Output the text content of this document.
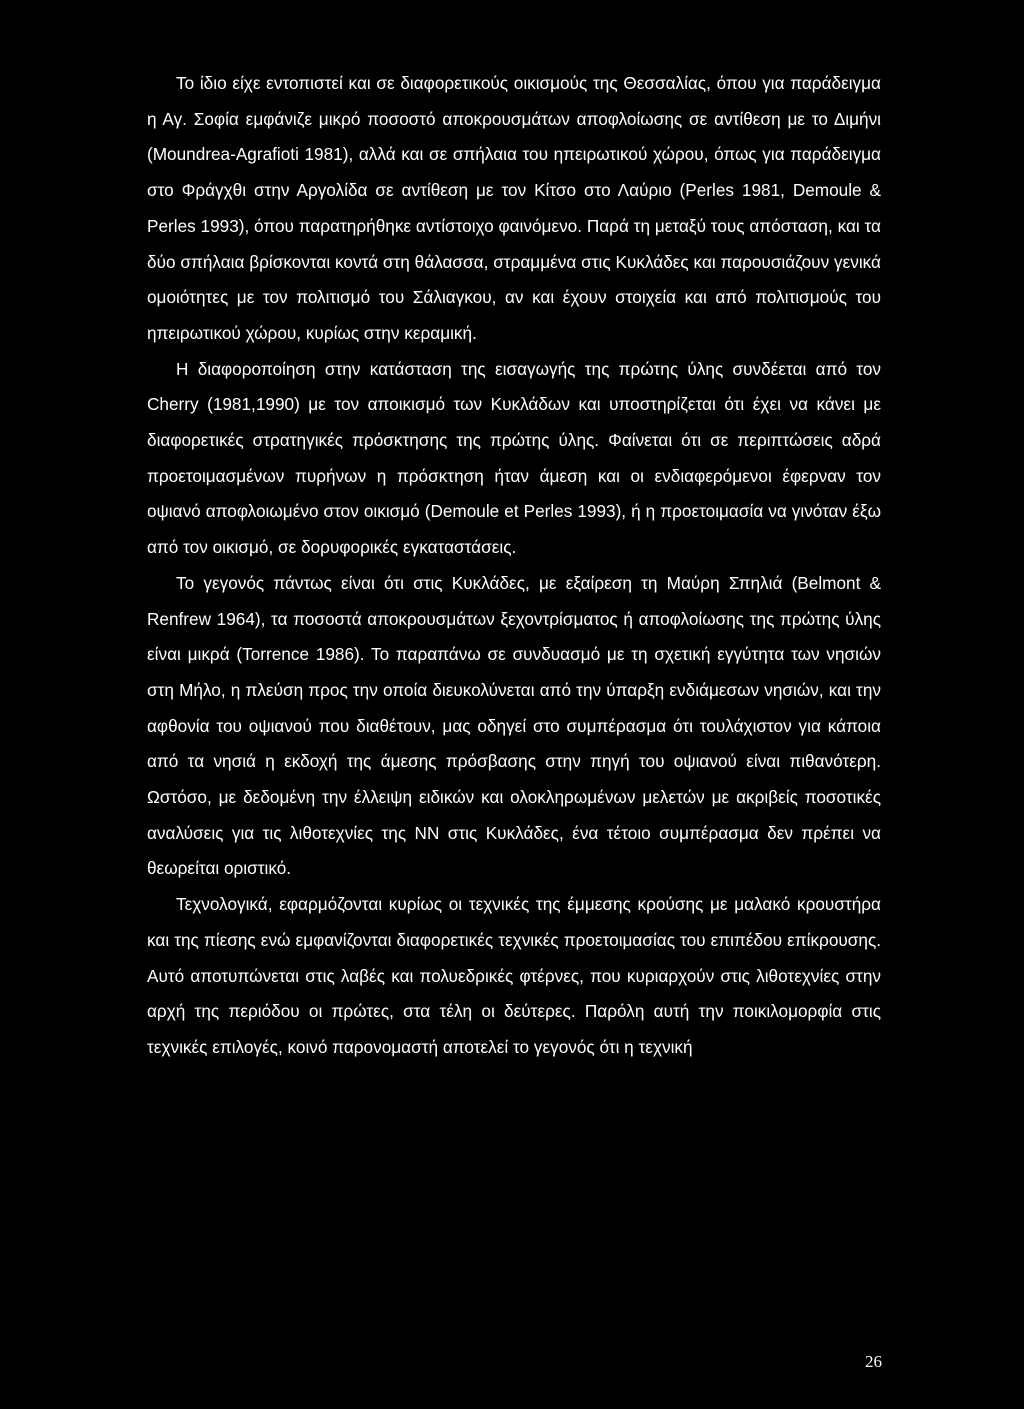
Το ίδιο είχε εντοπιστεί και σε διαφορετικούς οικισμούς της Θεσσαλίας, όπου για παράδειγμα η Αγ. Σοφία εμφάνιζε μικρό ποσοστό αποκρουσμάτων αποφλοίωσης σε αντίθεση με το Διμήνι (Moundrea-Agrafioti 1981), αλλά και σε σπήλαια του ηπειρωτικού χώρου, όπως για παράδειγμα στο Φράγχθι στην Αργολίδα σε αντίθεση με τον Κίτσο στο Λαύριο (Perles 1981, Demoule & Perles 1993), όπου παρατηρήθηκε αντίστοιχο φαινόμενο. Παρά τη μεταξύ τους απόσταση, και τα δύο σπήλαια βρίσκονται κοντά στη θάλασσα, στραμμένα στις Κυκλάδες και παρουσιάζουν γενικά ομοιότητες με τον πολιτισμό του Σάλιαγκου, αν και έχουν στοιχεία και από πολιτισμούς του ηπειρωτικού χώρου, κυρίως στην κεραμική.

Η διαφοροποίηση στην κατάσταση της εισαγωγής της πρώτης ύλης συνδέεται από τον Cherry (1981,1990) με τον αποικισμό των Κυκλάδων και υποστηρίζεται ότι έχει να κάνει με διαφορετικές στρατηγικές πρόσκτησης της πρώτης ύλης. Φαίνεται ότι σε περιπτώσεις αδρά προετοιμασμένων πυρήνων η πρόσκτηση ήταν άμεση και οι ενδιαφερόμενοι έφερναν τον οψιανό αποφλοιωμένο στον οικισμό (Demoule et Perles 1993), ή η προετοιμασία να γινόταν έξω από τον οικισμό, σε δορυφορικές εγκαταστάσεις.

Το γεγονός πάντως είναι ότι στις Κυκλάδες, με εξαίρεση τη Μαύρη Σπηλιά (Belmont & Renfrew 1964), τα ποσοστά αποκρουσμάτων ξεχοντρίσματος ή αποφλοίωσης της πρώτης ύλης είναι μικρά (Torrence 1986). Το παραπάνω σε συνδυασμό με τη σχετική εγγύτητα των νησιών στη Μήλο, η πλεύση προς την οποία διευκολύνεται από την ύπαρξη ενδιάμεσων νησιών, και την αφθονία του οψιανού που διαθέτουν, μας οδηγεί στο συμπέρασμα ότι τουλάχιστον για κάποια από τα νησιά η εκδοχή της άμεσης πρόσβασης στην πηγή του οψιανού είναι πιθανότερη. Ωστόσο, με δεδομένη την έλλειψη ειδικών και ολοκληρωμένων μελετών με ακριβείς ποσοτικές αναλύσεις για τις λιθοτεχνίες της ΝΝ στις Κυκλάδες, ένα τέτοιο συμπέρασμα δεν πρέπει να θεωρείται οριστικό.

Τεχνολογικά, εφαρμόζονται κυρίως οι τεχνικές της έμμεσης κρούσης με μαλακό κρουστήρα και της πίεσης ενώ εμφανίζονται διαφορετικές τεχνικές προετοιμασίας του επιπέδου επίκρουσης. Αυτό αποτυπώνεται στις λαβές και πολυεδρικές φτέρνες, που κυριαρχούν στις λιθοτεχνίες στην αρχή της περιόδου οι πρώτες, στα τέλη οι δεύτερες. Παρόλη αυτή την ποικιλομορφία στις τεχνικές επιλογές, κοινό παρονομαστή αποτελεί το γεγονός ότι η τεχνική

26
